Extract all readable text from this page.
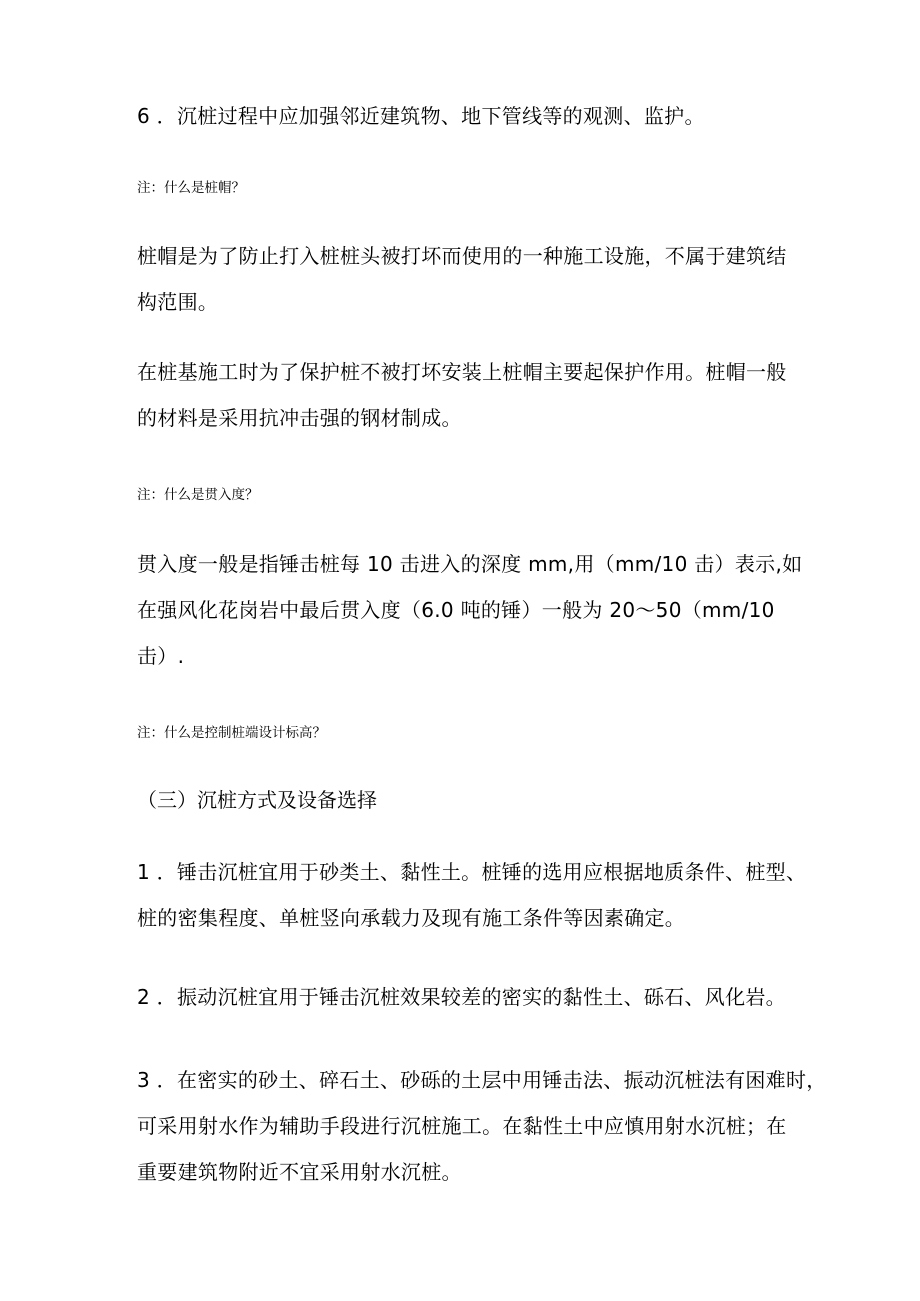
6 ．沉桩过程中应加强邻近建筑物、地下管线等的观测、监护。

注：什么是桩帽？

桩帽是为了防止打入桩桩头被打坏而使用的一种施工设施，不属于建筑结
构范围。

在桩基施工时为了保护桩不被打坏安装上桩帽主要起保护作用。桩帽一般
的材料是采用抗冲击强的钢材制成。

注：什么是贯入度？

贯入度一般是指锤击桩每 10 击进入的深度 mm,用（mm/10 击）表示,如
在强风化花岗岩中最后贯入度（6.0 吨的锤）一般为 20～50（mm/10
击）.

注：什么是控制桩端设计标高？

（三）沉桩方式及设备选择

1 ．锤击沉桩宜用于砂类土、黏性土。桩锤的选用应根据地质条件、桩型、
桩的密集程度、单桩竖向承载力及现有施工条件等因素确定。

2 ．振动沉桩宜用于锤击沉桩效果较差的密实的黏性土、砾石、风化岩。

3 ．在密实的砂土、碎石土、砂砾的土层中用锤击法、振动沉桩法有困难时，
可采用射水作为辅助手段进行沉桩施工。在黏性土中应慎用射水沉桩；在
重要建筑物附近不宜采用射水沉桩。
